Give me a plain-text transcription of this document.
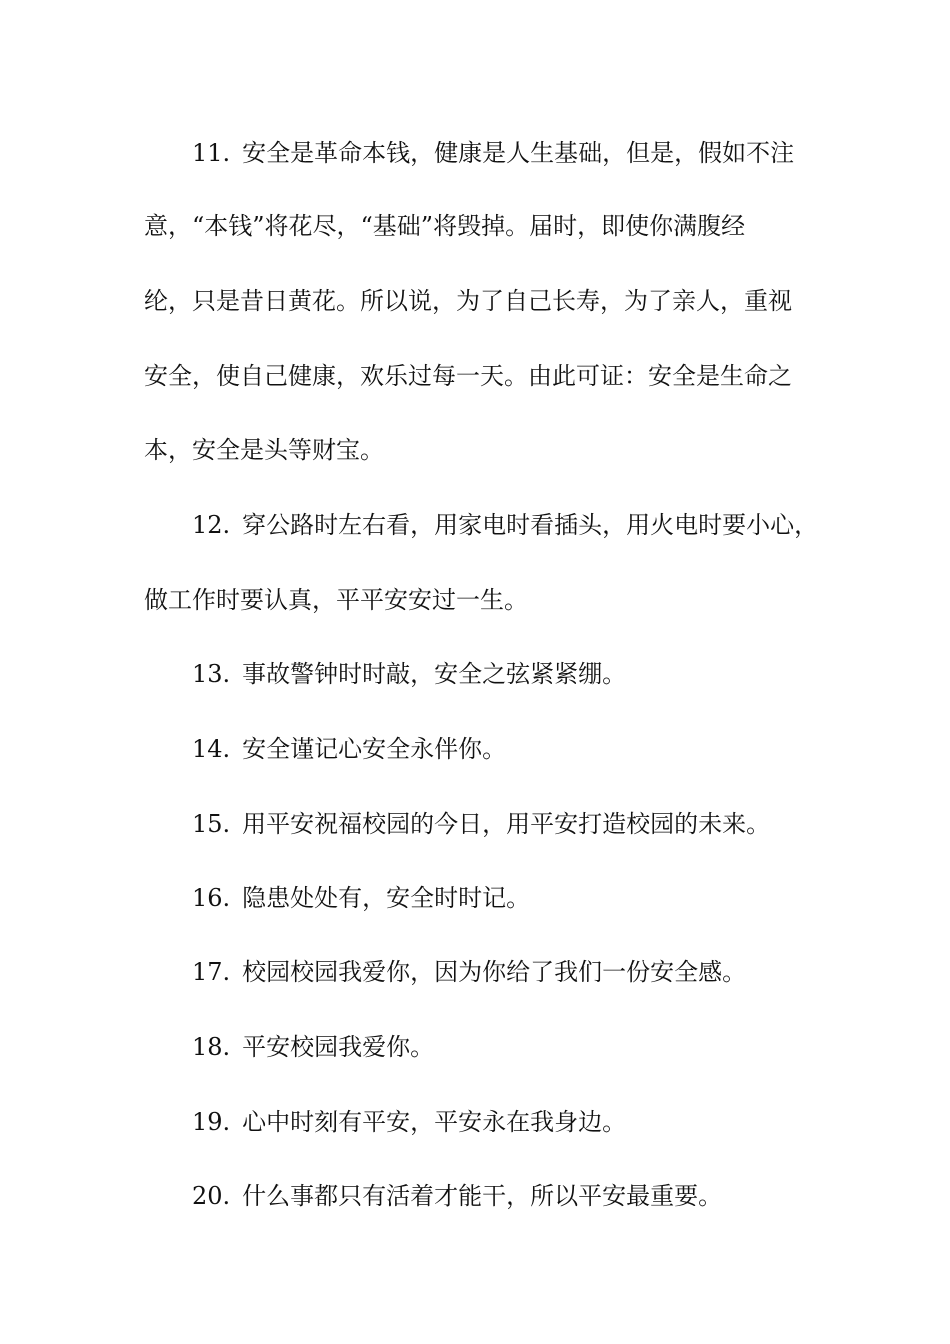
11. 安全是革命本钱，健康是人生基础，但是，假如不注
意，“本钱”将花尽，“基础”将毁掉。届时，即使你满腹经
纶，只是昔日黄花。所以说，为了自己长寿，为了亲人，重视
安全，使自己健康，欢乐过每一天。由此可证：安全是生命之
本，安全是头等财宝。
12. 穿公路时左右看，用家电时看插头，用火电时要小心，
做工作时要认真，平平安安过一生。
13. 事故警钟时时敲，安全之弦紧紧绷。
14. 安全谨记心安全永伴你。
15. 用平安祝福校园的今日，用平安打造校园的未来。
16. 隐患处处有，安全时时记。
17. 校园校园我爱你，因为你给了我们一份安全感。
18. 平安校园我爱你。
19. 心中时刻有平安，平安永在我身边。
20. 什么事都只有活着才能干，所以平安最重要。
